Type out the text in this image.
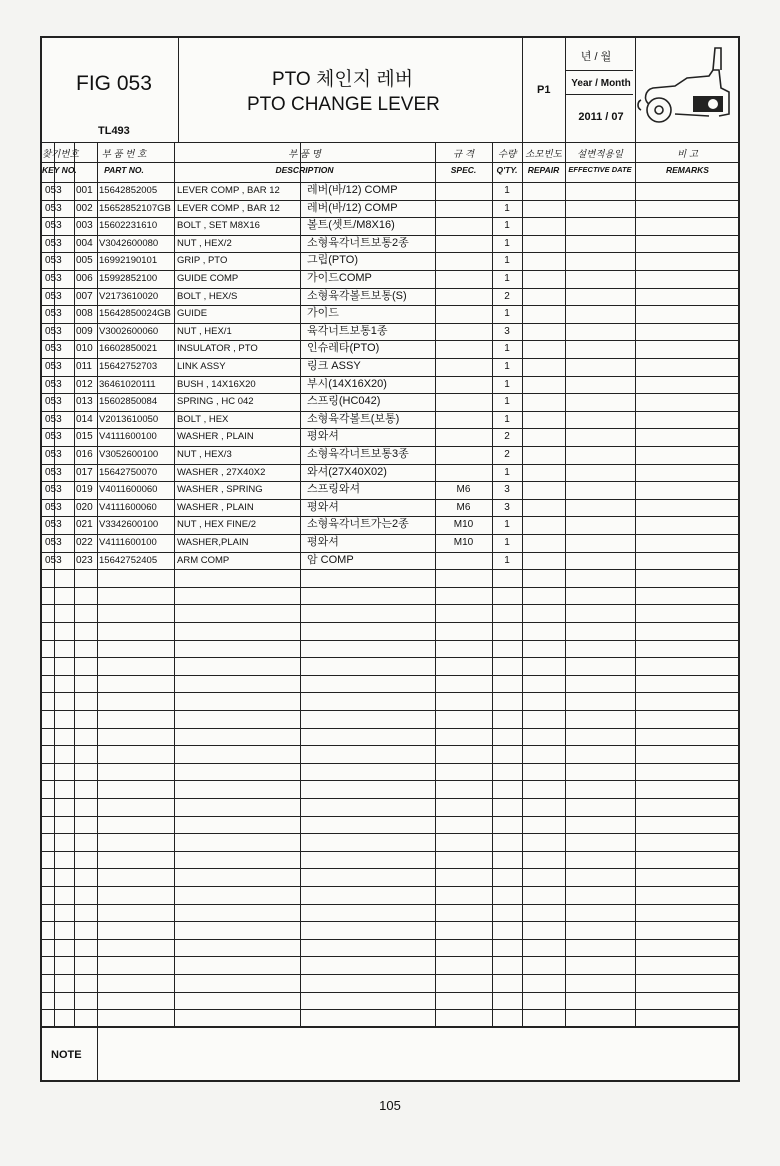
FIG 053
TL493
PTO 체인지 레버
PTO CHANGE LEVER
P1
년 / 월
Year / Month
2011 / 07
찾기번호
KEY NO.
부 품 번 호
PART NO.
부 품 명
DESCRIPTION
규 격
SPEC.
수량
Q'TY.
소모빈도
REPAIR
설변적용일
EFFECTIVE DATE
비 고
REMARKS
053	001 15642852005	LEVER COMP , BAR 12	레버(바/12) COMP	1
053	002 15652852107GB LEVER COMP , BAR 12	레버(바/12) COMP	1
053	003 15602231610	BOLT , SET M8X16	볼트(셋트/M8X16)	1
053	004 V3042600080	NUT , HEX/2	소형육각너트보통2종	1
053	005 16992190101	GRIP , PTO	그립(PTO)	1
053	006 15992852100	GUIDE COMP	가이드COMP	1
053	007 V2173610020	BOLT , HEX/S	소형육각볼트보통(S)	2
053	008 15642850024GB GUIDE	가이드	1
053	009 V3002600060	NUT , HEX/1	육각너트보통1종	3
053	010 16602850021	INSULATOR , PTO	인슈레타(PTO)	1
053	011 15642752703	LINK ASSY	링크 ASSY	1
053	012 36461020111	BUSH , 14X16X20	부시(14X16X20)	1
053	013 15602850084	SPRING , HC 042	스프링(HC042)	1
053	014 V2013610050	BOLT , HEX	소형육각볼트(보통)	1
053	015 V4111600100	WASHER , PLAIN	평와셔	2
053	016 V3052600100	NUT , HEX/3	소형육각너트보통3종	2
053	017 15642750070	WASHER , 27X40X2	와셔(27X40X02)	1
053	019 V4011600060	WASHER , SPRING	스프링와셔	M6	3
053	020 V4111600060	WASHER , PLAIN	평와셔	M6	3
053	021 V3342600100	NUT , HEX FINE/2	소형육각너트가는2종	M10	1
053	022 V4111600100	WASHER,PLAIN	평와셔	M10	1
053	023 15642752405	ARM COMP	암 COMP	1
NOTE
105
